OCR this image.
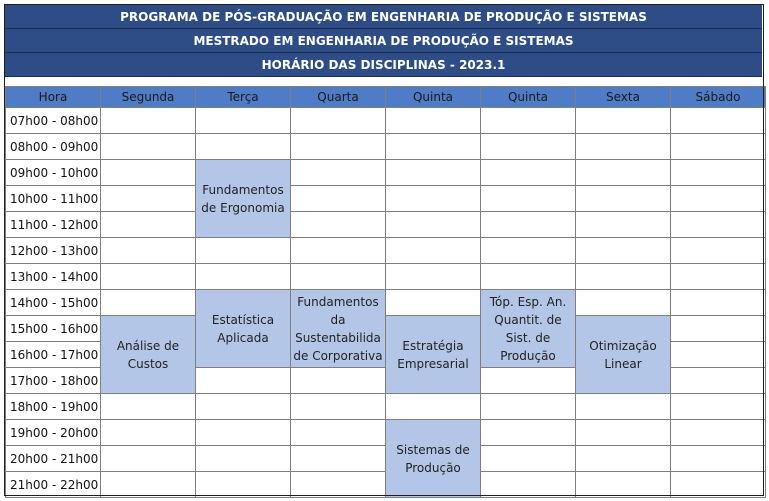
PROGRAMA DE PÓS-GRADUAÇÃO EM ENGENHARIA DE PRODUÇÃO E SISTEMAS
MESTRADO EM ENGENHARIA DE PRODUÇÃO E SISTEMAS
HORÁRIO DAS DISCIPLINAS - 2023.1
Hora	Segunda	Terça	Quarta	Quinta	Quinta	Sexta	Sábado
07h00 - 08h00							
08h00 - 09h00							
09h00 - 10h00		Fundamentos de Ergonomia					
10h00 - 11h00							
11h00 - 12h00							
12h00 - 13h00							
13h00 - 14h00							
14h00 - 15h00		Estatística Aplicada	Fundamentos da Sustentabilida de Corporativa		Tóp. Esp. An. Quantit. de Sist. de Produção		
15h00 - 16h00	Análise de Custos			Estratégia Empresarial		Otimização Linear	
16h00 - 17h00							
17h00 - 18h00							
18h00 - 19h00							
19h00 - 20h00				Sistemas de Produção			
20h00 - 21h00							
21h00 - 22h00							
